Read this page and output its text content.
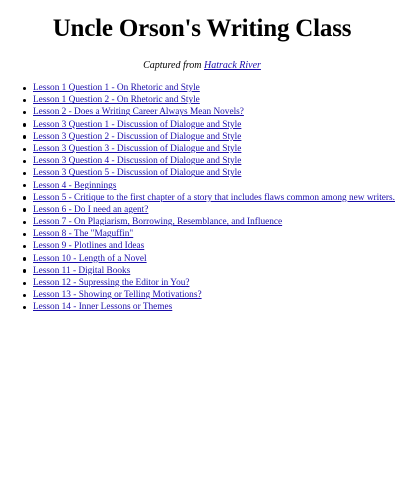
Uncle Orson's Writing Class
Captured from Hatrack River
Lesson 1 Question 1 - On Rhetoric and Style
Lesson 1 Question 2 - On Rhetoric and Style
Lesson 2 - Does a Writing Career Always Mean Novels?
Lesson 3 Question 1 - Discussion of Dialogue and Style
Lesson 3 Question 2 - Discussion of Dialogue and Style
Lesson 3 Question 3 - Discussion of Dialogue and Style
Lesson 3 Question 4 - Discussion of Dialogue and Style
Lesson 3 Question 5 - Discussion of Dialogue and Style
Lesson 4 - Beginnings
Lesson 5 - Critique to the first chapter of a story that includes flaws common among new writers.
Lesson 6 - Do I need an agent?
Lesson 7 - On Plagiarism, Borrowing, Resemblance, and Influence
Lesson 8 - The "Maguffin"
Lesson 9 - Plotlines and Ideas
Lesson 10 - Length of a Novel
Lesson 11 - Digital Books
Lesson 12 - Supressing the Editor in You?
Lesson 13 - Showing or Telling Motivations?
Lesson 14 - Inner Lessons or Themes
